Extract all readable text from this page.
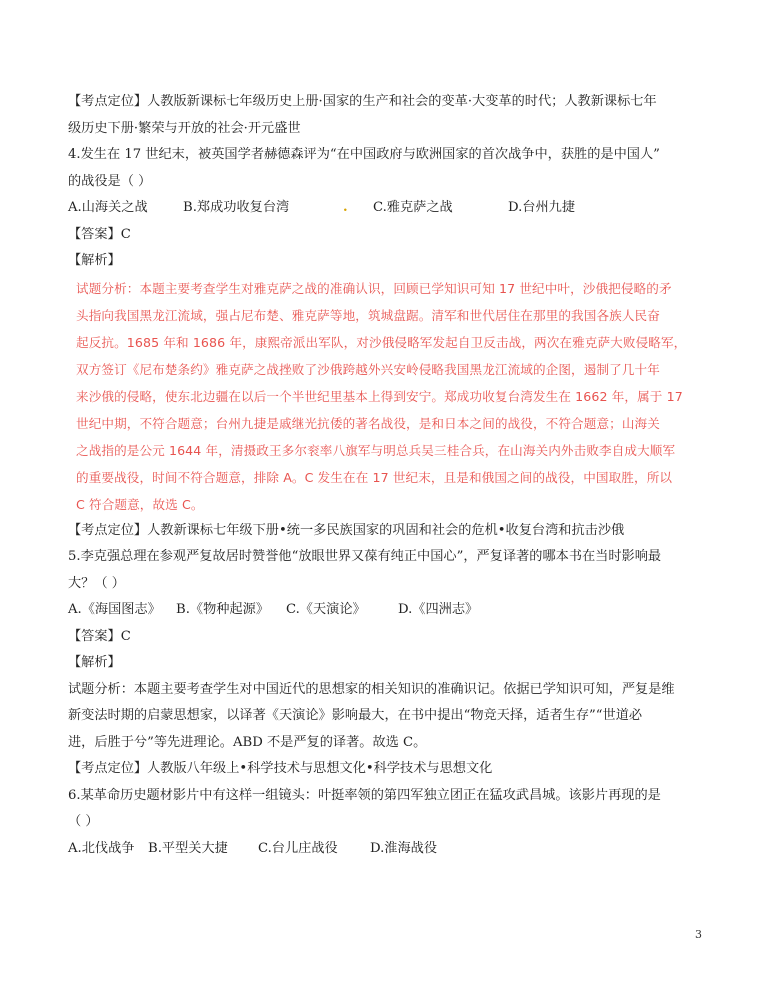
【考点定位】人教版新课标七年级历史上册·国家的生产和社会的变革·大变革的时代；人教新课标七年

级历史下册·繁荣与开放的社会·开元盛世

4.发生在 17 世纪末，被英国学者赫德森评为“在中国政府与欧洲国家的首次战争中，获胜的是中国人”

的战役是（ ）

A.山海关之战	B.郑成功收复台湾	. C.雅克萨之战	D.台州九捷

【答案】C

【解析】

试题分析：本题主要考查学生对雅克萨之战的准确认识，回顾已学知识可知 17 世纪中叶，沙俄把侵略的矛

头指向我国黑龙江流域，强占尼布楚、雅克萨等地，筑城盘踞。清军和世代居住在那里的我国各族人民奋

起反抗。1685 年和 1686 年，康熙帝派出军队，对沙俄侵略军发起自卫反击战，两次在雅克萨大败侵略军，

双方签订《尼布楚条约》雅克萨之战挫败了沙俄跨越外兴安岭侵略我国黑龙江流域的企图，遏制了几十年

来沙俄的侵略，使东北边疆在以后一个半世纪里基本上得到安宁。郑成功收复台湾发生在 1662 年，属于 17

世纪中期，不符合题意；台州九捷是戚继光抗倭的著名战役，是和日本之间的战役，不符合题意；山海关

之战指的是公元 1644 年，清摄政王多尔衮率八旗军与明总兵吴三桂合兵，在山海关内外击败李自成大顺军

的重要战役，时间不符合题意，排除 A。C 发生在在 17 世纪末，且是和俄国之间的战役，中国取胜，所以

C 符合题意，故选 C。

【考点定位】人教新课标七年级下册•统一多民族国家的巩固和社会的危机•收复台湾和抗击沙俄

5.李克强总理在参观严复故居时赞誉他“放眼世界又葆有纯正中国心”，严复译著的哪本书在当时影响最

大？（ ）

A.《海国图志》 B.《物种起源》 C.《天演论》 D.《四洲志》

【答案】C

【解析】

试题分析：本题主要考查学生对中国近代的思想家的相关知识的准确识记。依据已学知识可知，严复是维

新变法时期的启蒙思想家，以译著《天演论》影响最大，在书中提出“物竞天择，适者生存”“世道必

进，后胜于兮”等先进理论。ABD 不是严复的译著。故选 C。

【考点定位】人教版八年级上•科学技术与思想文化•科学技术与思想文化

6.某革命历史题材影片中有这样一组镜头：叶挺率领的第四军独立团正在猛攻武昌城。该影片再现的是

（ ）

A.北伐战争 B.平型关大捷 C.台儿庄战役 D.淮海战役

3
